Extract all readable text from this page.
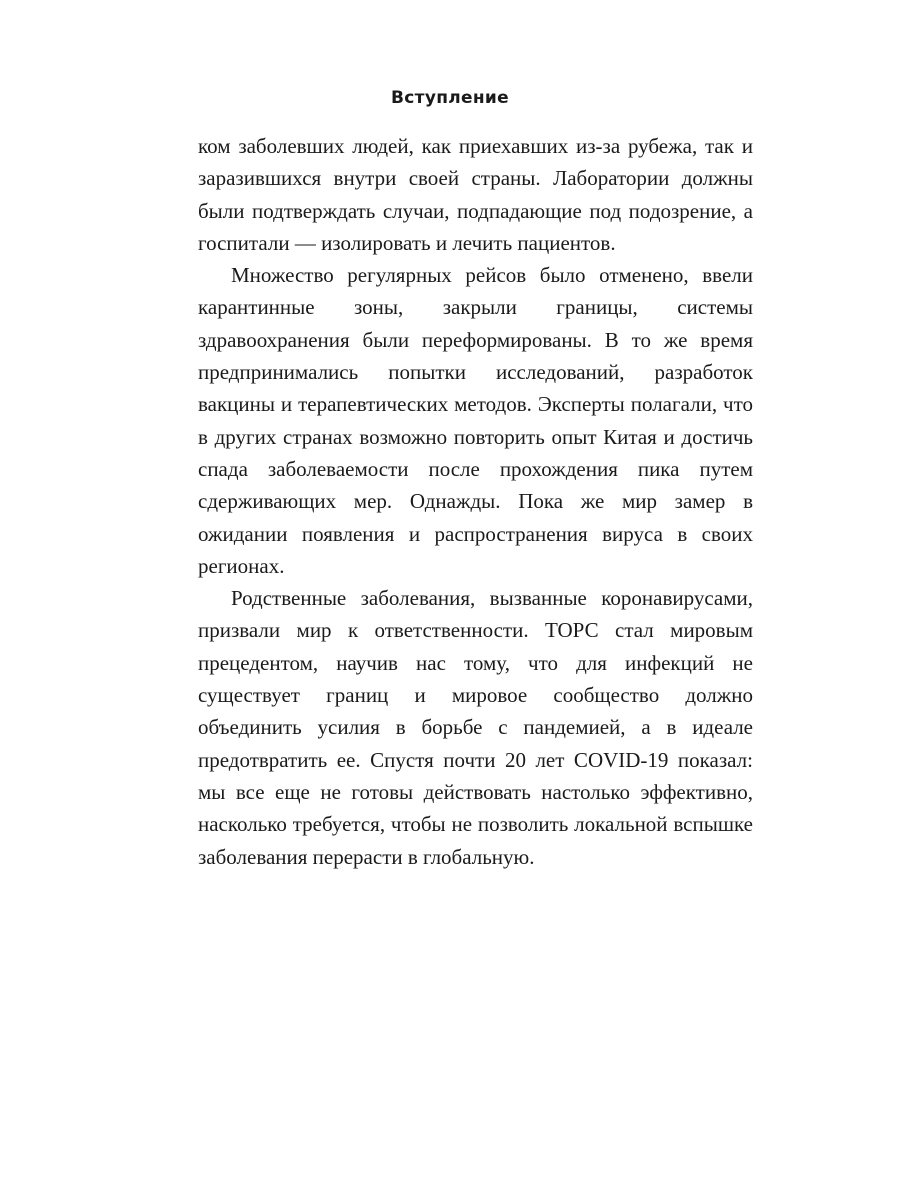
Вступление

ком заболевших людей, как приехавших из-за рубежа, так и заразившихся внутри своей страны. Лаборатории должны были подтверждать случаи, подпадающие под подозрение, а госпитали — изолировать и лечить пациентов.

Множество регулярных рейсов было отменено, ввели карантинные зоны, закрыли границы, системы здравоохранения были переформированы. В то же время предпринимались попытки исследований, разработок вакцины и терапевтических методов. Эксперты полагали, что в других странах возможно повторить опыт Китая и достичь спада заболеваемости после прохождения пика путем сдерживающих мер. Однажды. Пока же мир замер в ожидании появления и распространения вируса в своих регионах.

Родственные заболевания, вызванные коронавирусами, призвали мир к ответственности. ТОРС стал мировым прецедентом, научив нас тому, что для инфекций не существует границ и мировое сообщество должно объединить усилия в борьбе с пандемией, а в идеале предотвратить ее. Спустя почти 20 лет COVID-19 показал: мы все еще не готовы действовать настолько эффективно, насколько требуется, чтобы не позволить локальной вспышке заболевания перерасти в глобальную.
